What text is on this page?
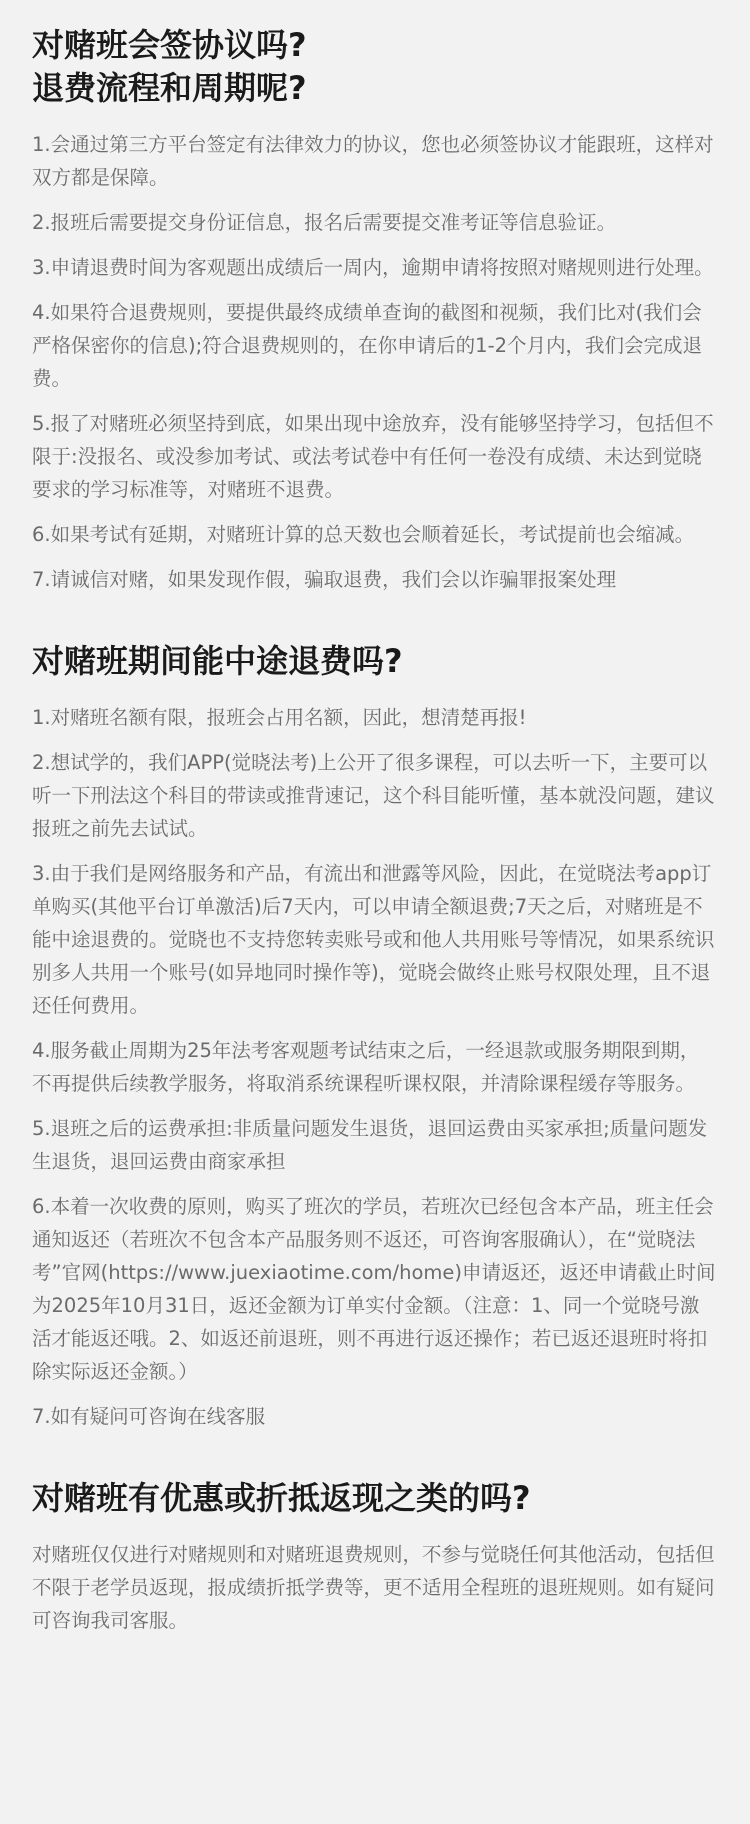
对赌班会签协议吗?
退费流程和周期呢?

1.会通过第三方平台签定有法律效力的协议，您也必须签协议才能跟班，这样对双方都是保障。

2.报班后需要提交身份证信息，报名后需要提交准考证等信息验证。

3.申请退费时间为客观题出成绩后一周内，逾期申请将按照对赌规则进行处理。

4.如果符合退费规则，要提供最终成绩单查询的截图和视频，我们比对(我们会严格保密你的信息);符合退费规则的，在你申请后的1-2个月内，我们会完成退费。

5.报了对赌班必须坚持到底，如果出现中途放弃，没有能够坚持学习，包括但不限于:没报名、或没参加考试、或法考试卷中有任何一卷没有成绩、未达到觉晓要求的学习标准等，对赌班不退费。

6.如果考试有延期，对赌班计算的总天数也会顺着延长，考试提前也会缩减。

7.请诚信对赌，如果发现作假，骗取退费，我们会以诈骗罪报案处理

对赌班期间能中途退费吗?

1.对赌班名额有限，报班会占用名额，因此，想清楚再报!

2.想试学的，我们APP(觉晓法考)上公开了很多课程，可以去听一下，主要可以听一下刑法这个科目的带读或推背速记，这个科目能听懂，基本就没问题，建议报班之前先去试试。

3.由于我们是网络服务和产品，有流出和泄露等风险，因此，在觉晓法考app订单购买(其他平台订单激活)后7天内，可以申请全额退费;7天之后，对赌班是不能中途退费的。觉晓也不支持您转卖账号或和他人共用账号等情况，如果系统识别多人共用一个账号(如异地同时操作等)，觉晓会做终止账号权限处理，且不退还任何费用。

4.服务截止周期为25年法考客观题考试结束之后，一经退款或服务期限到期，不再提供后续教学服务，将取消系统课程听课权限，并清除课程缓存等服务。

5.退班之后的运费承担:非质量问题发生退货，退回运费由买家承担;质量问题发生退货，退回运费由商家承担

6.本着一次收费的原则，购买了班次的学员，若班次已经包含本产品，班主任会通知返还（若班次不包含本产品服务则不返还，可咨询客服确认），在“觉晓法考”官网(https://www.juexiaotime.com/home)申请返还，返还申请截止时间为2025年10月31日，返还金额为订单实付金额。（注意：1、同一个觉晓号激活才能返还哦。2、如返还前退班，则不再进行返还操作；若已返还退班时将扣除实际返还金额。）

7.如有疑问可咨询在线客服

对赌班有优惠或折抵返现之类的吗?

对赌班仅仅进行对赌规则和对赌班退费规则，不参与觉晓任何其他活动，包括但不限于老学员返现，报成绩折抵学费等，更不适用全程班的退班规则。如有疑问可咨询我司客服。
